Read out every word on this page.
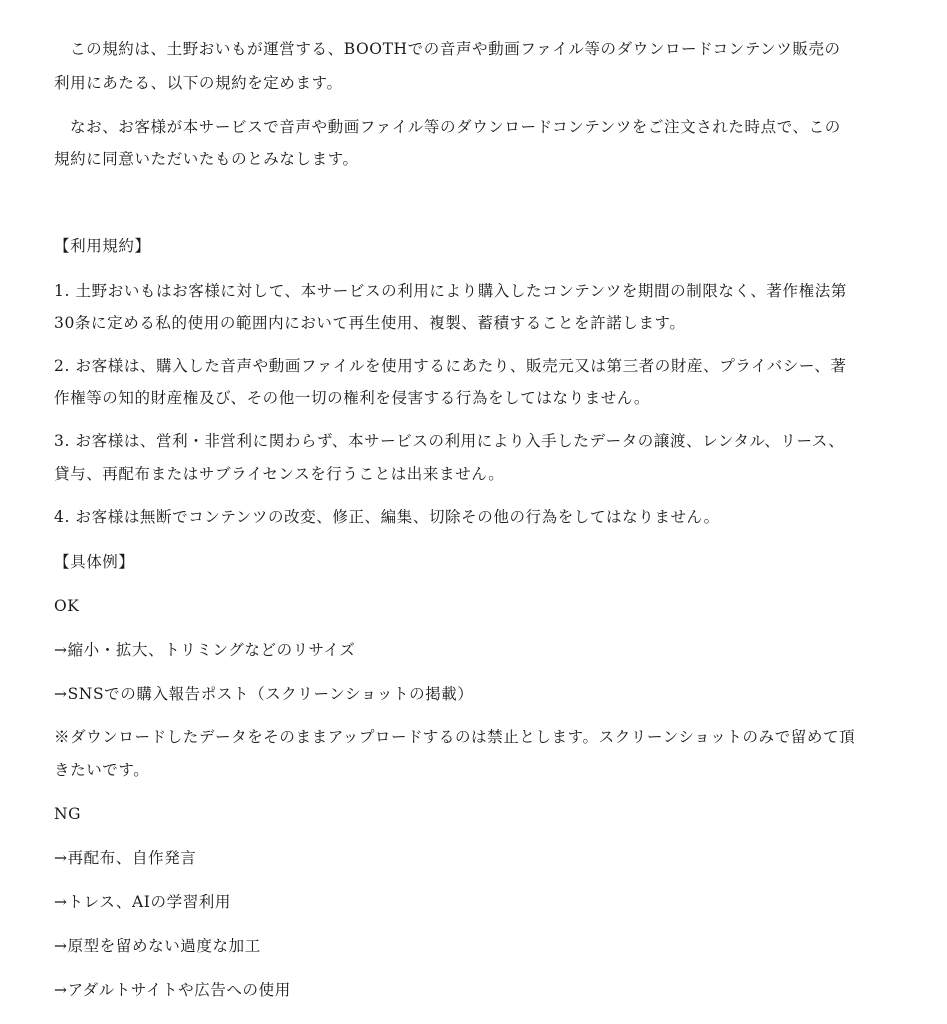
この規約は、土野おいもが運営する、BOOTHでの音声や動画ファイル等のダウンロードコンテンツ販売の

利用にあたる、以下の規約を定めます。

なお、お客様が本サービスで音声や動画ファイル等のダウンロードコンテンツをご注文された時点で、この

規約に同意いただいたものとみなします。

【利用規約】

1. 土野おいもはお客様に対して、本サービスの利用により購入したコンテンツを期間の制限なく、著作権法第

30条に定める私的使用の範囲内において再生使用、複製、蓄積することを許諾します。

2. お客様は、購入した音声や動画ファイルを使用するにあたり、販売元又は第三者の財産、プライバシー、著

作権等の知的財産権及び、その他一切の権利を侵害する行為をしてはなりません。

3. お客様は、営利・非営利に関わらず、本サービスの利用により入手したデータの譲渡、レンタル、リース、

貸与、再配布またはサブライセンスを行うことは出来ません。

4. お客様は無断でコンテンツの改変、修正、編集、切除その他の行為をしてはなりません。

【具体例】

OK

→縮小・拡大、トリミングなどのリサイズ

→SNSでの購入報告ポスト（スクリーンショットの掲載）

※ダウンロードしたデータをそのままアップロードするのは禁止とします。スクリーンショットのみで留めて頂

きたいです。

NG

→再配布、自作発言

→トレス、AIの学習利用

→原型を留めない過度な加工

→アダルトサイトや広告への使用
